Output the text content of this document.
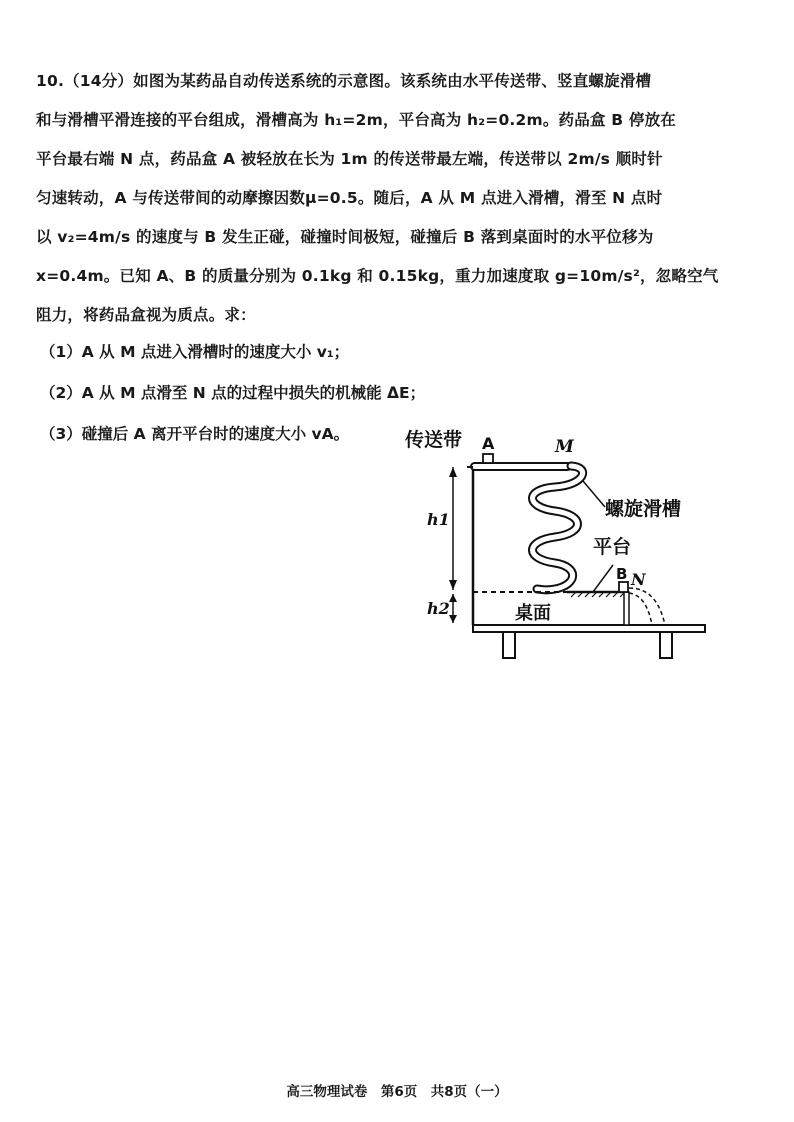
10.（14分）如图为某药品自动传送系统的示意图。该系统由水平传送带、竖直螺旋滑槽
和与滑槽平滑连接的平台组成，滑槽高为 h₁=2m，平台高为 h₂=0.2m。药品盒 B 停放在
平台最右端 N 点，药品盒 A 被轻放在长为 1m 的传送带最左端，传送带以 2m/s 顺时针
匀速转动，A 与传送带间的动摩擦因数μ=0.5。随后，A 从 M 点进入滑槽，滑至 N 点时
以 v₂=4m/s 的速度与 B 发生正碰，碰撞时间极短，碰撞后 B 落到桌面时的水平位移为
x=0.4m。已知 A、B 的质量分别为 0.1kg 和 0.15kg，重力加速度取 g=10m/s²，忽略空气
阻力，将药品盒视为质点。求：
（1）A 从 M 点进入滑槽时的速度大小 v₁；
（2）A 从 M 点滑至 N 点的过程中损失的机械能 ΔE；
（3）碰撞后 A 离开平台时的速度大小 vA。	传送带 A	M
螺旋滑槽
h1
平台
B N
h2	桌面
高三物理试卷　第6页　共8页（一）
